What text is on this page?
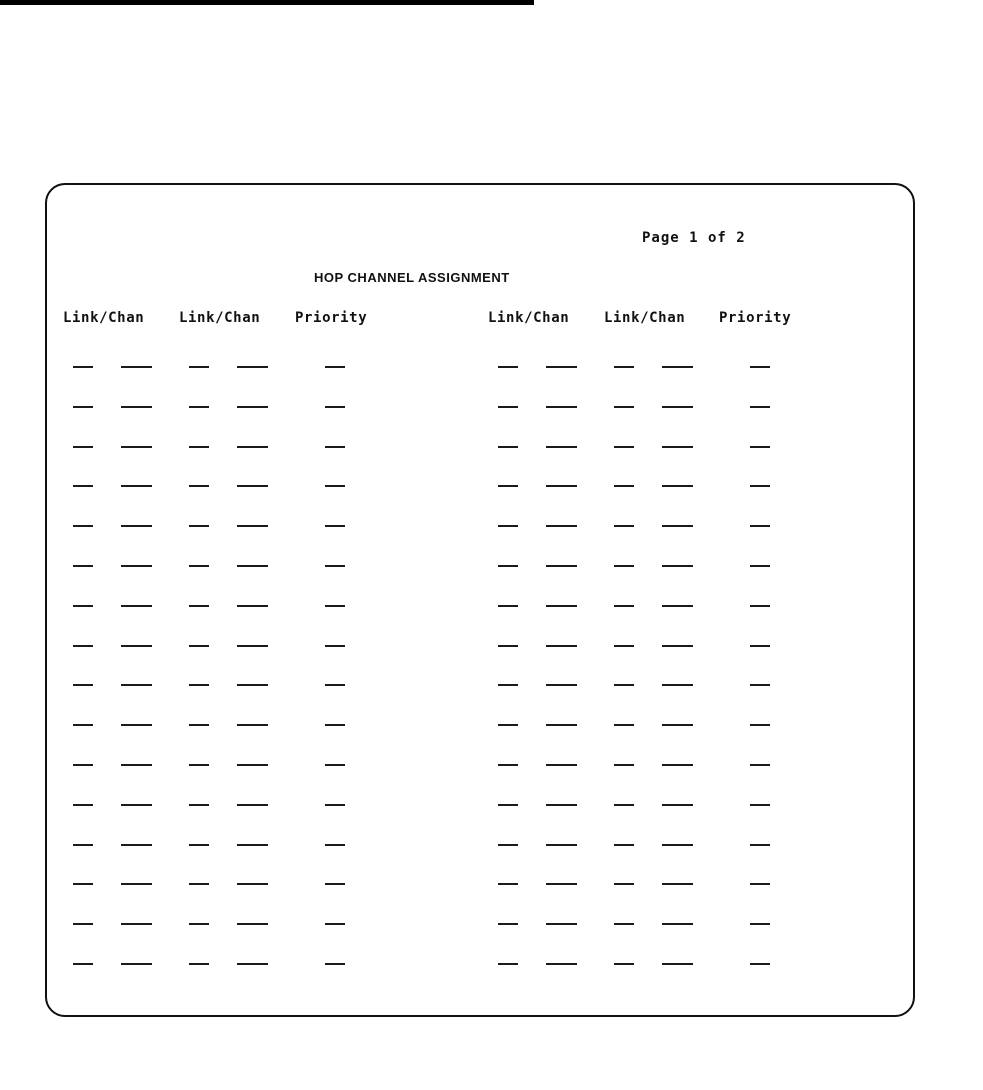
Page 1 of 2
HOP CHANNEL ASSIGNMENT
Link/Chan Link/Chan Priority	Link/Chan Link/Chan Priority
